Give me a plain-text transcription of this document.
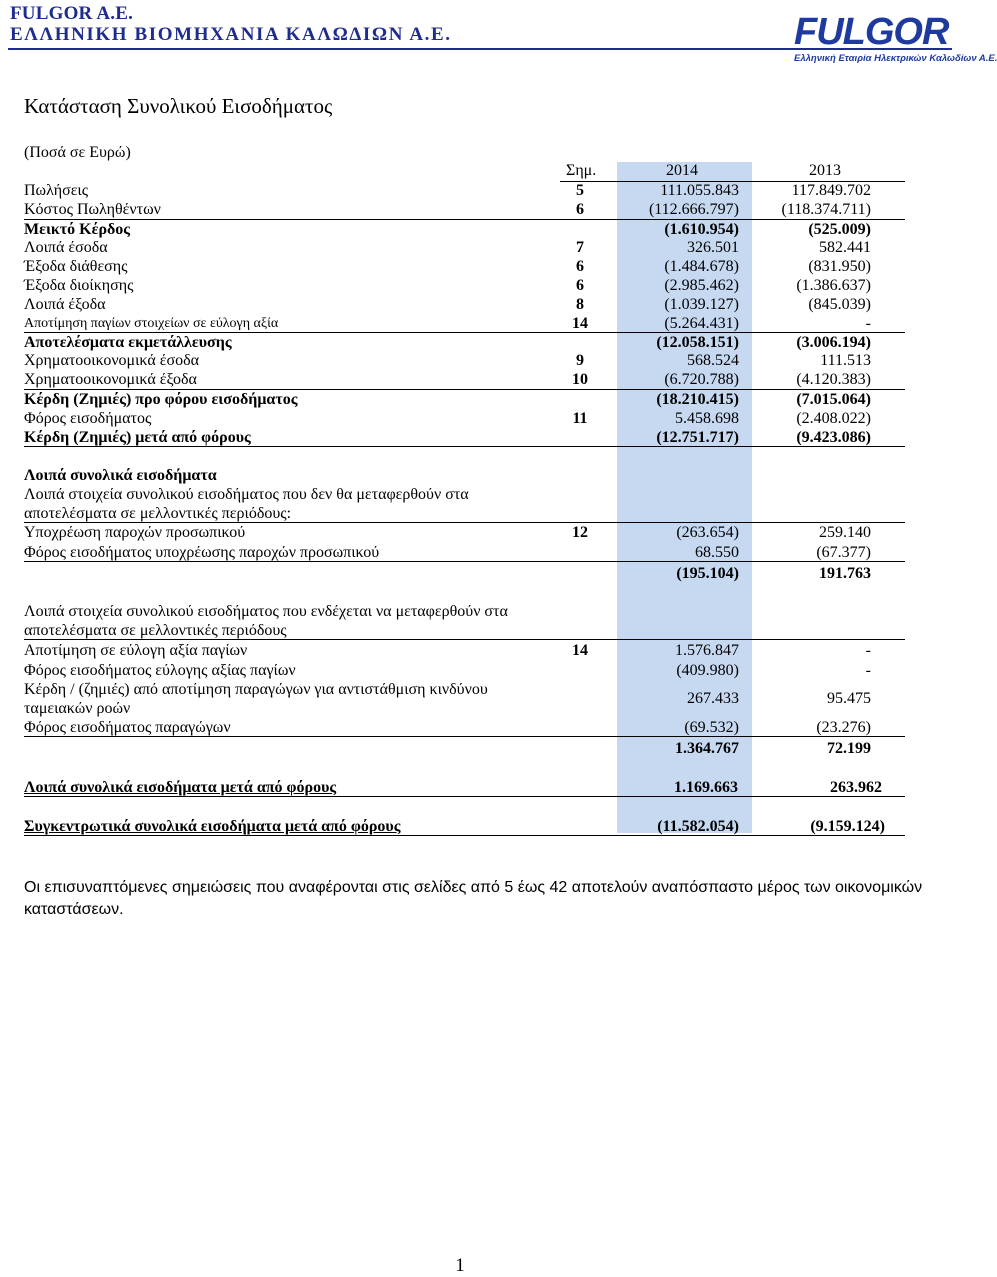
FULGOR A.E.
ΕΛΛΗΝΙΚΗ ΒΙΟΜΗΧΑΝΙΑ ΚΑΛΩΔΙΩΝ Α.Ε.	FULGOR
Ελληνική Εταιρία Ηλεκτρικών Καλωδίων Α.Ε.
Κατάσταση Συνολικού Εισοδήματος
(Ποσά σε Ευρώ)
Σημ.	2014	2013
Πωλήσεις	5	111.055.843	117.849.702
Κόστος Πωληθέντων	6	(112.666.797)	(118.374.711)
Μεικτό Κέρδος	(1.610.954)	(525.009)
Λοιπά έσοδα	7	326.501	582.441
Έξοδα διάθεσης	6	(1.484.678)	(831.950)
Έξοδα διοίκησης	6	(2.985.462)	(1.386.637)
Λοιπά έξοδα	8	(1.039.127)	(845.039)
Αποτίμηση παγίων στοιχείων σε εύλογη αξία	14	(5.264.431)	-
Αποτελέσματα εκμετάλλευσης	(12.058.151)	(3.006.194)
Χρηματοοικονομικά έσοδα	9	568.524	111.513
Χρηματοοικονομικά έξοδα	10	(6.720.788)	(4.120.383)
Κέρδη (Ζημιές) προ φόρου εισοδήματος	(18.210.415)	(7.015.064)
Φόρος εισοδήματος	11	5.458.698	(2.408.022)
Κέρδη (Ζημιές) μετά από φόρους	(12.751.717)	(9.423.086)
Λοιπά συνολικά εισοδήματα
Λοιπά στοιχεία συνολικού εισοδήματος που δεν θα μεταφερθούν στα
αποτελέσματα σε μελλοντικές περιόδους:
Υποχρέωση παροχών προσωπικού	12	(263.654)	259.140
Φόρος εισοδήματος υποχρέωσης παροχών προσωπικού	68.550	(67.377)
(195.104)	191.763
Λοιπά στοιχεία συνολικού εισοδήματος που ενδέχεται να μεταφερθούν στα
αποτελέσματα σε μελλοντικές περιόδους
Αποτίμηση σε εύλογη αξία παγίων	14	1.576.847	-
Φόρος εισοδήματος εύλογης αξίας παγίων	(409.980)	-
Κέρδη / (ζημιές) από αποτίμηση παραγώγων για αντιστάθμιση κινδύνου
ταμειακών ροών
267.433	95.475
Φόρος εισοδήματος παραγώγων	(69.532)	(23.276)
1.364.767	72.199
Λοιπά συνολικά εισοδήματα μετά από φόρους	1.169.663	263.962
Συγκεντρωτικά συνολικά εισοδήματα μετά από φόρους	(11.582.054)	(9.159.124)
Οι επισυναπτόμενες σημειώσεις που αναφέρονται στις σελίδες από 5 έως 42 αποτελούν αναπόσπαστο μέρος των οικονομικών καταστάσεων.
1
